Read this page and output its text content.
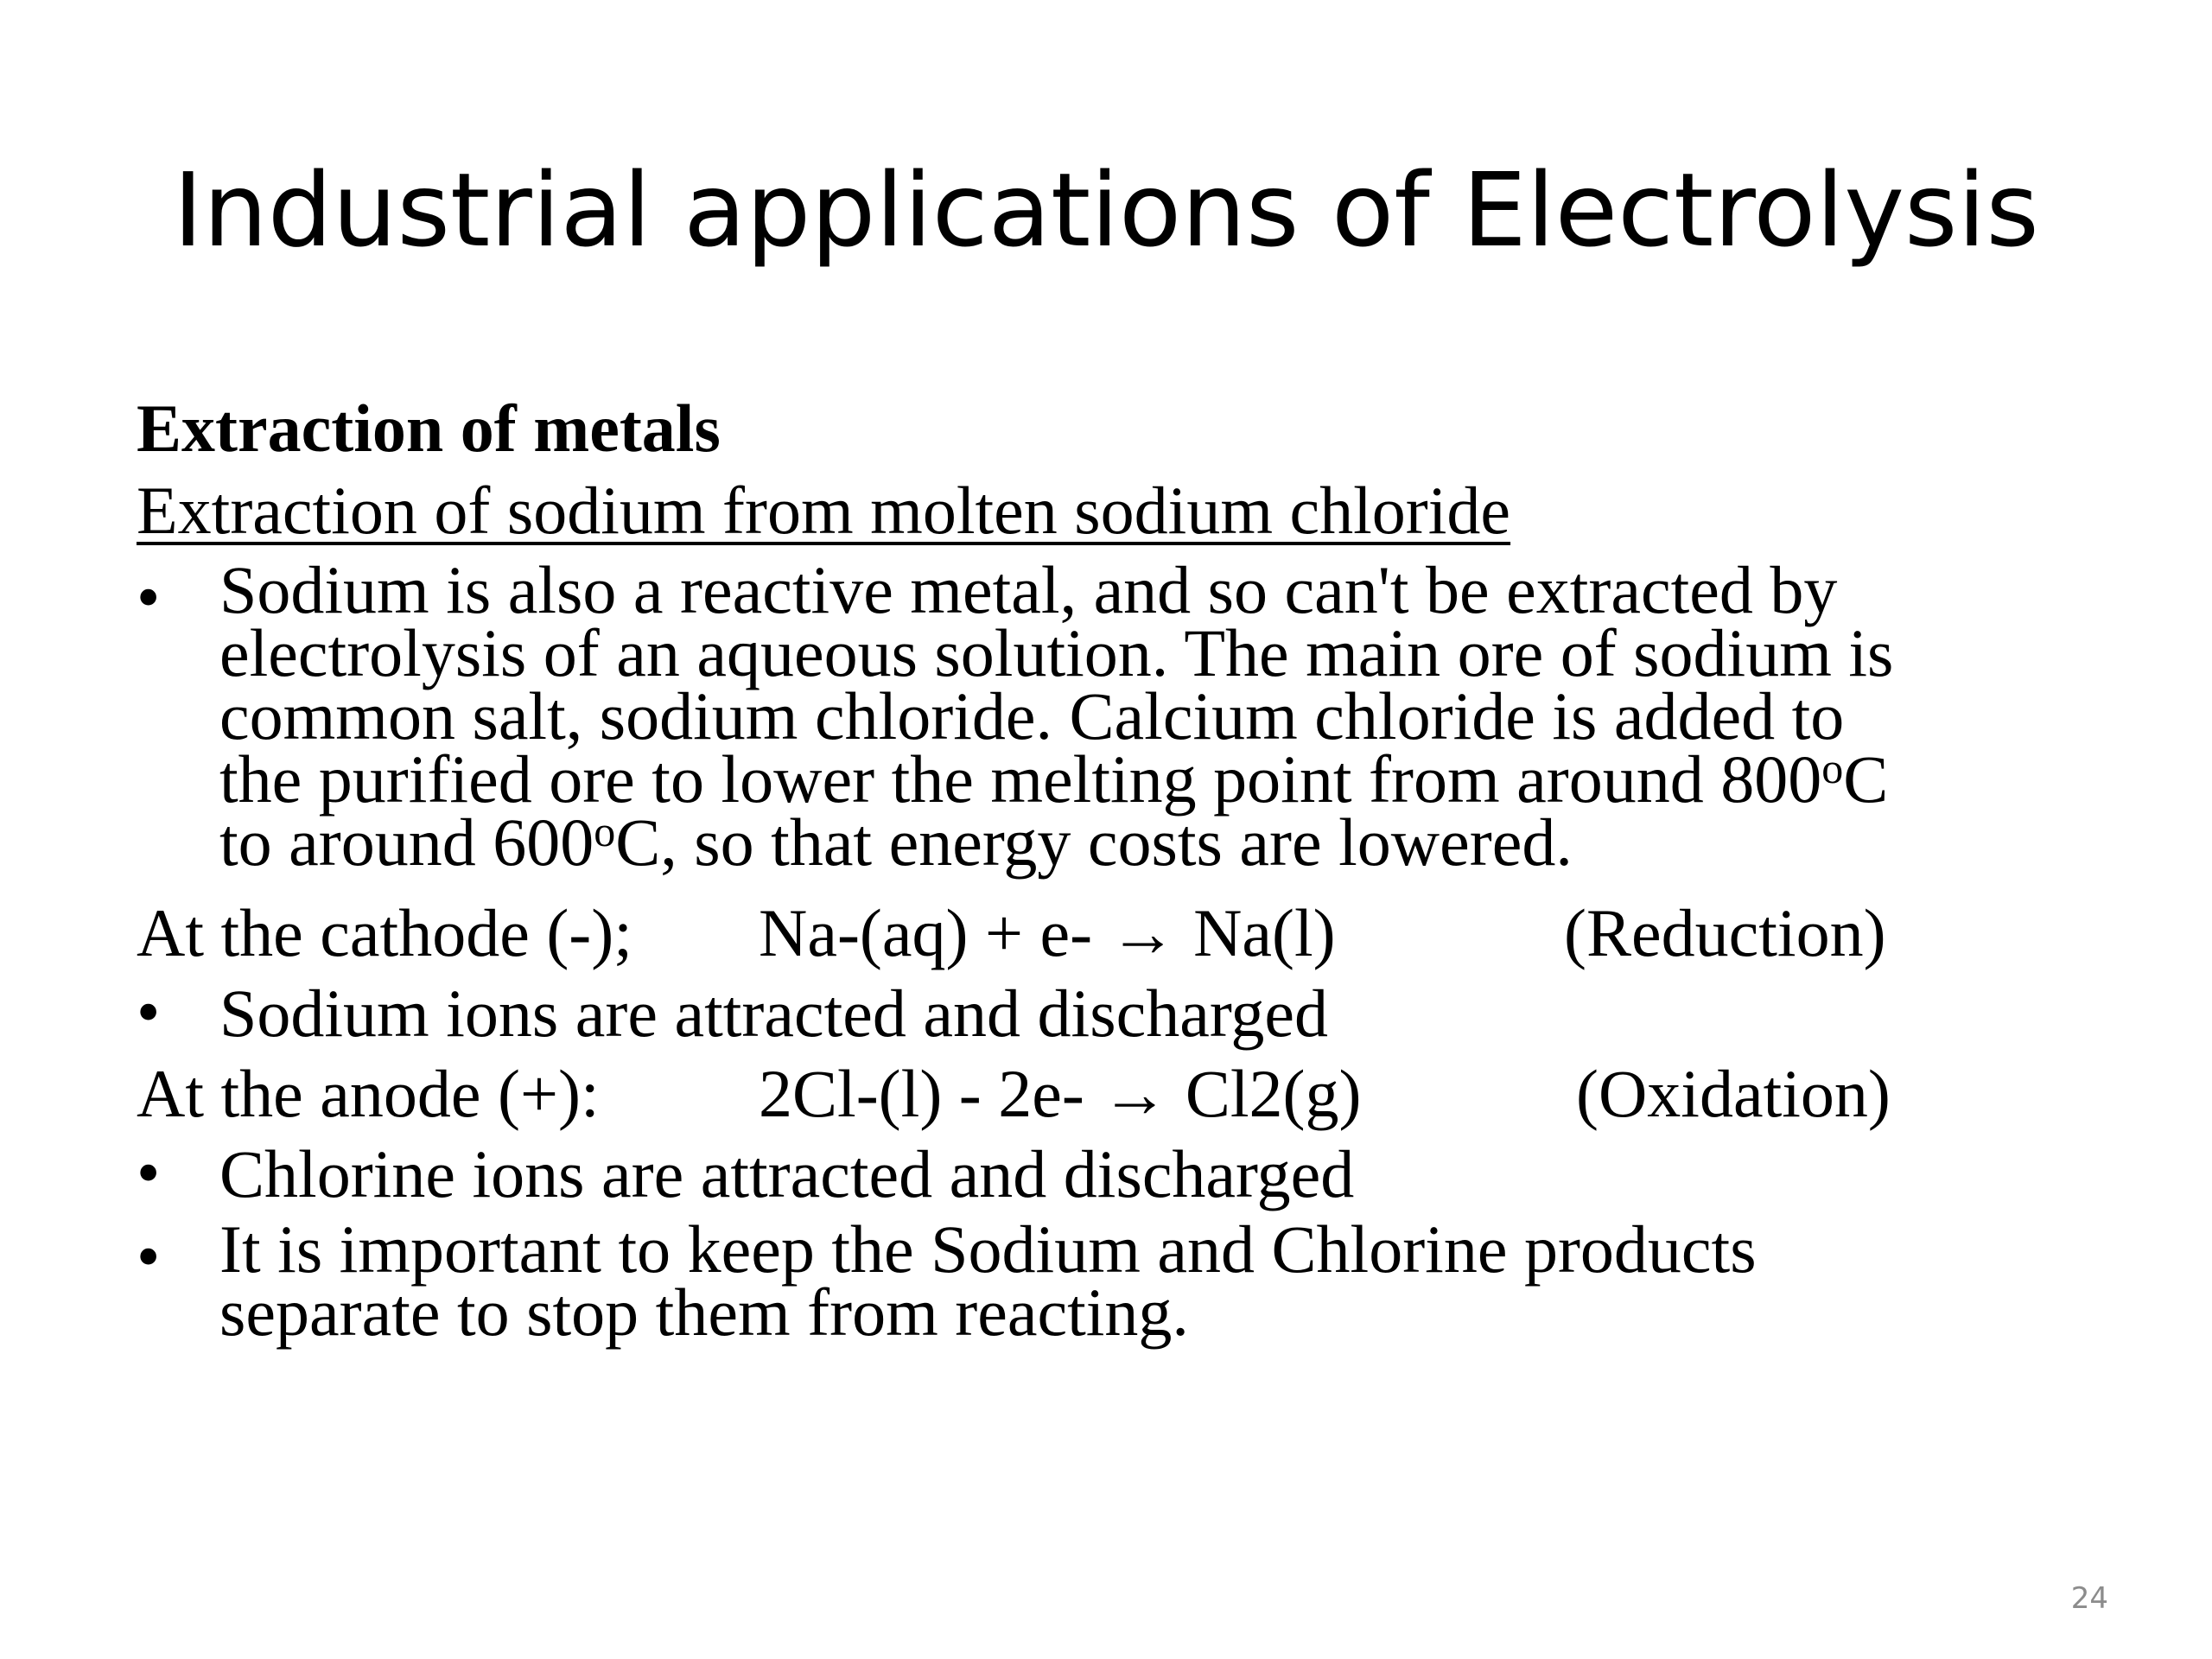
Industrial applications of Electrolysis
Extraction of metals
Extraction of sodium from molten sodium chloride
• Sodium is also a reactive metal, and so can't be extracted by
electrolysis of an aqueous solution. The main ore of sodium is
common salt, sodium chloride. Calcium chloride is added to
the purified ore to lower the melting point from around 800$^o$C
to around 600$^o$C, so that energy costs are lowered.
At the cathode (-); Na-(aq) + e- → Na(l)	(Reduction)
• Sodium ions are attracted and discharged
At the anode (+): 2Cl-(l) - 2e- → Cl2(g)	(Oxidation)
• Chlorine ions are attracted and discharged
• It is important to keep the Sodium and Chlorine products
separate to stop them from reacting.
24
